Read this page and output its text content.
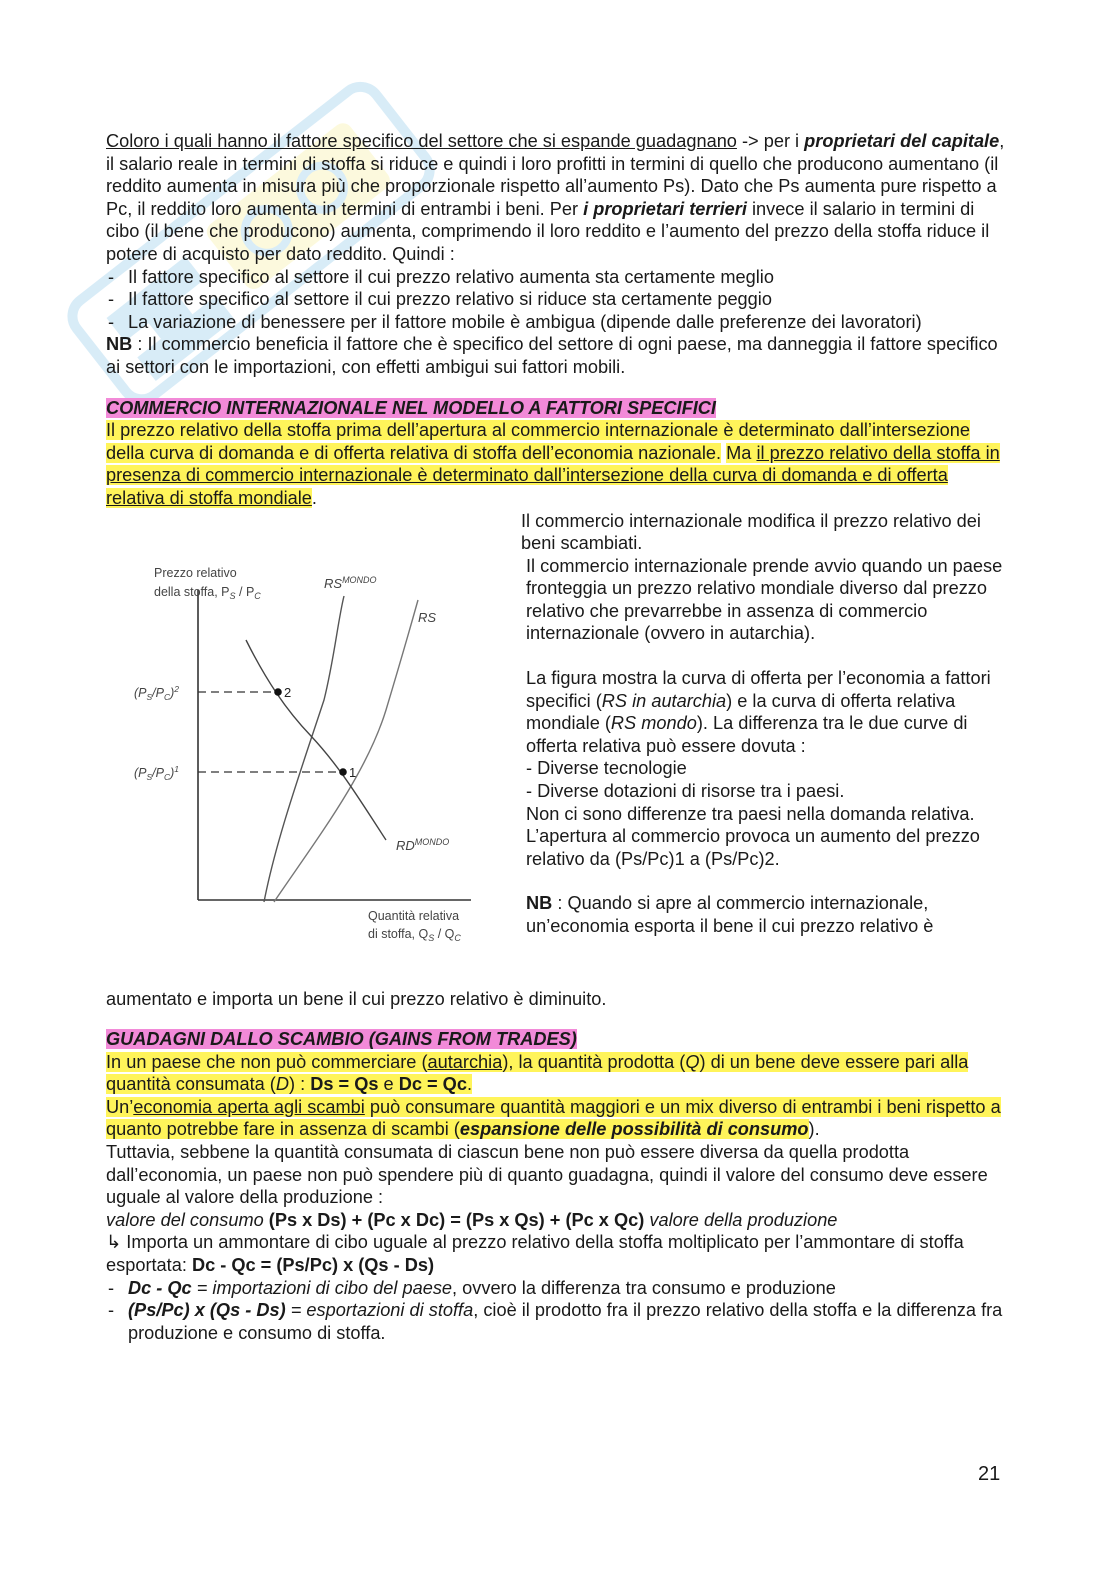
Coloro i quali hanno il fattore specifico del settore che si espande guadagnano -> per i proprietari del capitale, il salario reale in termini di stoffa si riduce e quindi i loro profitti in termini di quello che producono aumentano (il reddito aumenta in misura più che proporzionale rispetto all’aumento Ps). Dato che Ps aumenta pure rispetto a Pc, il reddito loro aumenta in termini di entrambi i beni. Per i proprietari terrieri invece il salario in termini di cibo (il bene che producono) aumenta, comprimendo il loro reddito e l’aumento del prezzo della stoffa riduce il potere di acquisto per dato reddito. Quindi :

- Il fattore specifico al settore il cui prezzo relativo aumenta sta certamente meglio
- Il fattore specifico al settore il cui prezzo relativo si riduce sta certamente peggio
- La variazione di benessere per il fattore mobile è ambigua (dipende dalle preferenze dei lavoratori)

NB : Il commercio beneficia il fattore che è specifico del settore di ogni paese, ma danneggia il fattore specifico ai settori con le importazioni, con effetti ambigui sui fattori mobili.

COMMERCIO INTERNAZIONALE NEL MODELLO A FATTORI SPECIFICI

Il prezzo relativo della stoffa prima dell’apertura al commercio internazionale è determinato dall’intersezione della curva di domanda e di offerta relativa di stoffa dell’economia nazionale. Ma il prezzo relativo della stoffa in presenza di commercio internazionale è determinato dall’intersezione della curva di domanda e di offerta relativa di stoffa mondiale.

Prezzo relativo
della stoffa, $P_S / P_C$
2
1
$RS^{MONDO}$
RS
$RD^{MONDO}$
$(P_S/P_C)^2$
$(P_S/P_C)^1$
Quantità relativa
di stoffa, $Q_S / Q_C$

Il commercio internazionale modifica il prezzo relativo dei beni scambiati.

Il commercio internazionale prende avvio quando un paese fronteggia un prezzo relativo mondiale diverso dal prezzo relativo che prevarrebbe in assenza di commercio internazionale (ovvero in autarchia).

La figura mostra la curva di offerta per l’economia a fattori specifici (RS in autarchia) e la curva di offerta relativa mondiale (RS mondo). La differenza tra le due curve di offerta relativa può essere dovuta :

- Diverse tecnologie

- Diverse dotazioni di risorse tra i paesi.

Non ci sono differenze tra paesi nella domanda relativa. L’apertura al commercio provoca un aumento del prezzo relativo da (Ps/Pc)1 a (Ps/Pc)2.

NB : Quando si apre al commercio internazionale, un’economia esporta il bene il cui prezzo relativo è

aumentato e importa un bene il cui prezzo relativo è diminuito.

GUADAGNI DALLO SCAMBIO (GAINS FROM TRADES)

In un paese che non può commerciare (autarchia), la quantità prodotta (Q) di un bene deve essere pari alla quantità consumata (D) : Ds = Qs e Dc = Qc.

Un’economia aperta agli scambi può consumare quantità maggiori e un mix diverso di entrambi i beni rispetto a quanto potrebbe fare in assenza di scambi (espansione delle possibilità di consumo).

Tuttavia, sebbene la quantità consumata di ciascun bene non può essere diversa da quella prodotta dall’economia, un paese non può spendere più di quanto guadagna, quindi il valore del consumo deve essere uguale al valore della produzione :

valore del consumo (Ps x Ds) + (Pc x Dc) = (Ps x Qs) + (Pc x Qc) valore della produzione

↳ Importa un ammontare di cibo uguale al prezzo relativo della stoffa moltiplicato per l’ammontare di stoffa esportata: Dc - Qc = (Ps/Pc) x (Qs - Ds)

- Dc - Qc = importazioni di cibo del paese, ovvero la differenza tra consumo e produzione
- (Ps/Pc) x (Qs - Ds) = esportazioni di stoffa, cioè il prodotto fra il prezzo relativo della stoffa e la differenza fra produzione e consumo di stoffa.
21
